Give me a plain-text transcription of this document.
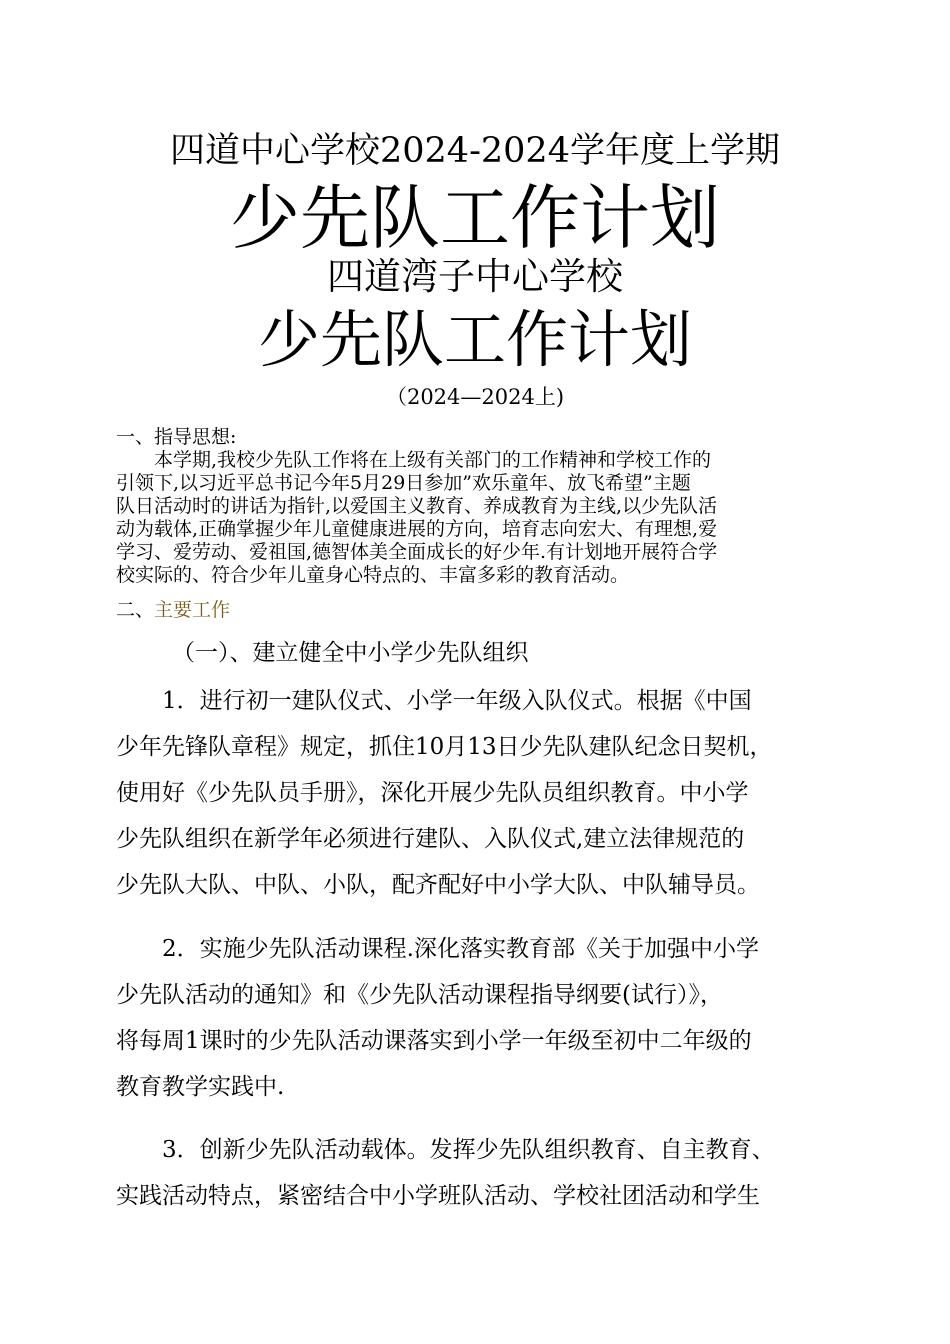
四道中心学校2024-2024学年度上学期
少先队工作计划
四道湾子中心学校
少先队工作计划
（2024—2024上)
一、指导思想:
本学期,我校少先队工作将在上级有关部门的工作精神和学校工作的
引领下,以习近平总书记今年5月29日参加”欢乐童年、放飞希望”主题
队日活动时的讲话为指针,以爱国主义教育、养成教育为主线,以少先队活
动为载体,正确掌握少年儿童健康进展的方向，培育志向宏大、有理想,爱
学习、爱劳动、爱祖国,德智体美全面成长的好少年.有计划地开展符合学
校实际的、符合少年儿童身心特点的、丰富多彩的教育活动。
二、主要工作
（一）、建立健全中小学少先队组织
1．进行初一建队仪式、小学一年级入队仪式。根据《中国
少年先锋队章程》规定，抓住10月13日少先队建队纪念日契机，
使用好《少先队员手册》，深化开展少先队员组织教育。中小学
少先队组织在新学年必须进行建队、入队仪式,建立法律规范的
少先队大队、中队、小队，配齐配好中小学大队、中队辅导员。
2．实施少先队活动课程.深化落实教育部《关于加强中小学
少先队活动的通知》和《少先队活动课程指导纲要(试行）》，
将每周1课时的少先队活动课落实到小学一年级至初中二年级的
教育教学实践中.
3．创新少先队活动载体。发挥少先队组织教育、自主教育、
实践活动特点，紧密结合中小学班队活动、学校社团活动和学生
